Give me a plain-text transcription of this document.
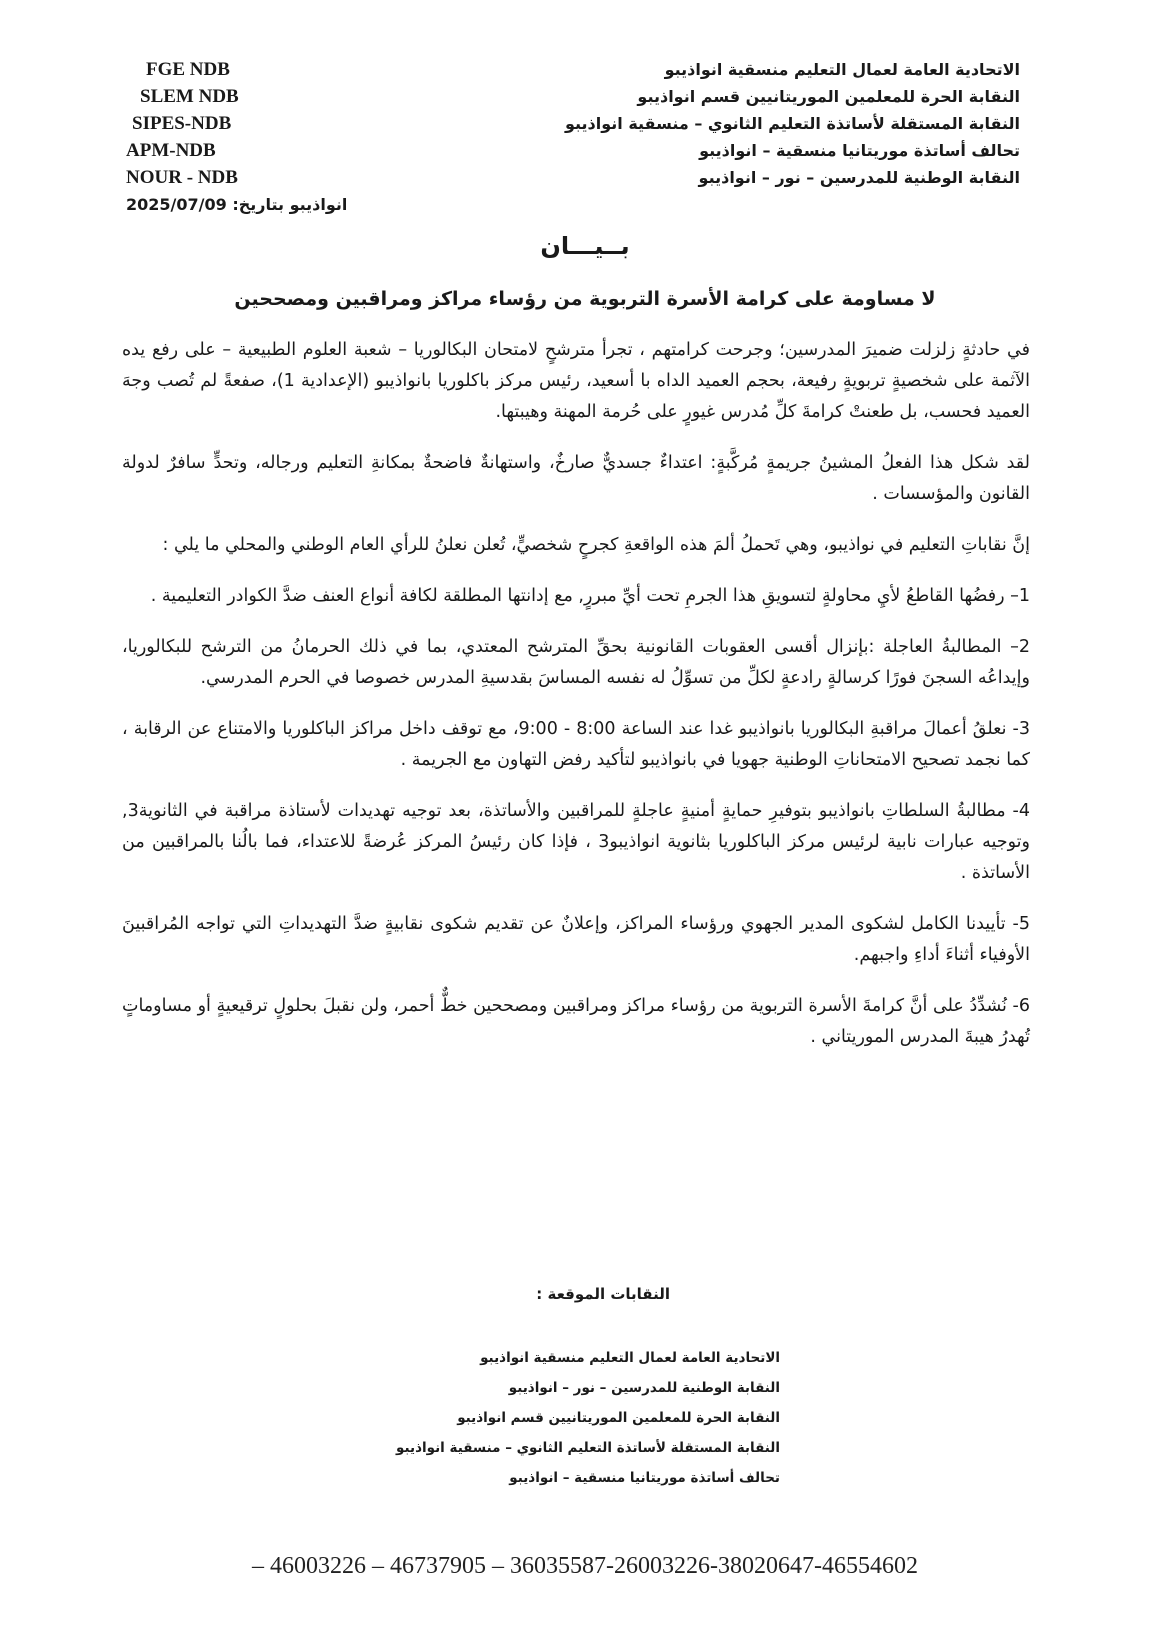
الاتحادية العامة لعمال التعليم منسقية انواذيبو
النقابة الحرة للمعلمين الموريتانيين قسم انواذيبو
النقابة المستقلة لأساتذة التعليم الثانوي – منسقية انواذيبو
تحالف أساتذة موريتانيا منسقية – انواذيبو
النقابة الوطنية للمدرسين – نور – انواذيبو
FGE NDB
SLEM NDB
SIPES-NDB
APM-NDB
NOUR - NDB
انواذيبو بتاريخ: 2025/07/09
بــيـــان
لا مساومة على كرامة الأسرة التربوية من رؤساء مراكز ومراقبين ومصححين

في حادثةٍ زلزلت ضميرَ المدرسين؛ وجرحت كرامتهم ، تجرأ مترشحٍ لامتحان البكالوريا – شعبة العلوم الطبيعية – على رفع يده الآثمة على شخصيةٍ تربويةٍ رفيعة، بحجم العميد الداه با أسعيد، رئيس مركز باكلوريا بانواذيبو (الإعدادية 1)، صفعةً لم تُصب وجهَ العميد فحسب، بل طعنتْ كرامةَ كلِّ مُدرس غيورٍ على حُرمة المهنة وهيبتها.

لقد شكل هذا الفعلُ المشينُ جريمةٍ مُركَّبةٍ: اعتداءٌ جسديٌّ صارخٌ، واستهانةٌ فاضحةٌ بمكانةِ التعليم ورجاله، وتحدٍّ سافرٌ لدولة القانون والمؤسسات .

إنَّ نقاباتِ التعليم في نواذيبو، وهي تَحملُ ألمَ هذه الواقعةِ كجرحٍ شخصيٍّ، تُعلن نعلنُ للرأي العام الوطني والمحلي ما يلي :

1– رفضُها القاطعُ لأيِ محاولةٍ لتسويقِ هذا الجرمِ تحت أيِّ مبررٍ, مع إدانتها المطلقة لكافة أنواع العنف ضدَّ الكوادر التعليمية .

2– المطالبةُ العاجلة :بإنزال أقسى العقوبات القانونية بحقِّ المترشح المعتدي، بما في ذلك الحرمانُ من الترشح للبكالوريا، وإيداعُه السجنَ فورًا كرسالةٍ رادعةٍ لكلِّ من تسوِّلُ له نفسه المساسَ بقدسيةِ المدرس خصوصا في الحرم المدرسي.

3- نعلقُ أعمالَ مراقبةِ البكالوريا بانواذيبو غدا عند الساعة 8:00 - 9:00، مع توقف داخل مراكز الباكلوريا والامتناع عن الرقابة ، كما نجمد تصحيح الامتحاناتِ الوطنية جهويا في بانواذيبو لتأكيد رفض التهاون مع الجريمة .

4- مطالبةُ السلطاتِ بانواذيبو بتوفيرِ حمايةٍ أمنيةٍ عاجلةٍ للمراقبين والأساتذة، بعد توجيه تهديدات لأستاذة مراقبة في الثانوية3, وتوجيه عبارات نابية لرئيس مركز الباكلوريا بثانوية انواذيبو3 ، فإذا كان رئيسُ المركز عُرضةً للاعتداء، فما بالُنا بالمراقبين من الأساتذة .

5- تأييدنا الكامل لشكوى المدير الجهوي ورؤساء المراكز، وإعلانٌ عن تقديم شكوى نقابيةٍ ضدَّ التهديداتِ التي تواجه المُراقبينَ الأوفياء أثناءَ أداءِ واجبهم.

6- نُشدِّدُ على أنَّ كرامةَ الأسرة التربوية من رؤساء مراكز ومراقبين ومصححين خطٌّ أحمر، ولن نقبلَ بحلولٍ ترقيعيةٍ أو مساوماتٍ تُهدرُ هيبةَ المدرس الموريتاني .

النقابات الموقعة :
الاتحادية العامة لعمال التعليم منسقية انواذيبو
النقابة الوطنية للمدرسين – نور – انواذيبو
النقابة الحرة للمعلمين الموريتانيين قسم انواذيبو
النقابة المستقلة لأساتذة التعليم الثانوي – منسقية انواذيبو
تحالف أساتذة موريتانيا منسقية – انواذيبو
– 46003226 – 46737905 – 36035587-26003226-38020647-46554602
